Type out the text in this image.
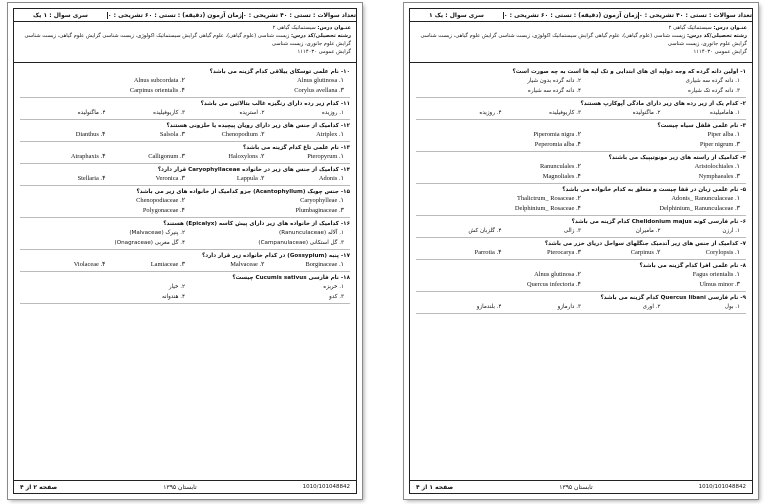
تعداد سوالات : تستی : ۴۰ تشریحی : ۰
زمان آزمون (دقیقه) : تستی : ۶۰ تشریحی : ۰
سری سوال : یک ۱
عنـوان درس: سیستماتیک گیاهی ۲
رشته تحصیلی/کد درس: زیست شناسی (علوم گیاهی)، علوم گیاهی گرایش سیستماتیک اکولوژی، زیست شناسی گرایش علوم گیاهی، زیست شناسی گرایش علوم جانوری، زیست شناسی
گرایش عمومی ۱۱۱۴۰۳۰
۱- اولین دانه گرده که وجه دولپه ای های ابتدایی و تک لپه ها است به چه صورت است؟
۱. دانه گرده سه شیاری
۲. دانه گرده بدون شیار
۳. دانه گرده تک شیاره
۴. دانه گرده سه شیاره
۲- کدام یک از زیر رده های زیر دارای مادگی آپوکارپ هستند؟
۱. هامامیلیده
۲. ماگنولیده
۳. کاریوفیلیده
۴. روزیده
۳- نام علمی فلفل سیاه چیست؟
Piper alba .۱
Piperomia nigra .۲
Piper nigrum .۳
Peperomia alba .۴
۴- کدامیک از راسته های زیر مونوتیپیک می باشند؟
Aristolochiales .۱
Ranunculales .۲
Nymphaeales .۳
Magnoliales .۴
۵- نام علمی زبان در قفا چیست و متعلق به کدام خانواده می باشد؟
Adonis_ Ranunculaceae .۱
Thalictrum_ Rosaceae .۲
Delphinium_ Ranunculaceae .۳
Delphinium_ Rosaceae .۴
۶- نام فارسی کونه Chelidonium majus کدام گزینه می باشد؟
۱. ارزن
۲. ماميران
۳. زالی
۴. گلزبان کش
۷- کدامیک از جنس های زیر آندمیک جنگلهای سواحل دریای خزر می باشد؟
Corylopsis .۱
Carpinus .۲
Pterocarya .۳
Parrotia .۴
۸- نام علمی افرا کدام گزینه می باشد؟
Fagus orientalis .۱
Alnus glutinosa .۲
Ulmus minor .۳
Quercus infectoria .۴
۹- نام فارسی Quercus libani کدام گزینه می باشد؟
۱. بول
۲. اوری
۳. دارمازو
۴. بلندمازو
1010/101048842
تابستان ۱۳۹۵
صفحه ۱ از ۴
تعداد سوالات : تستی : ۴۰ تشریحی : ۰
زمان آزمون (دقیقه) : تستی : ۶۰ تشریحی : ۰
سری سوال : ۱ یک
عنـوان درس: سیستماتیک گیاهی ۲
رشته تحصیلی/کد درس: زیست شناسی (علوم گیاهی)، علوم گیاهی گرایش سیستماتیک اکولوژی، زیست شناسی گرایش علوم گیاهی، زیست شناسی گرایش علوم جانوری، زیست شناسی
گرایش عمومی ۱۱۱۴۰۳۰
۱۰- نام علمی توسکای ییلاقی کدام گزینه می باشد؟
Alnus glutinosa .۱
Alnus subcordata .۲
Corylus avellana .۳
Carpinus orientalis .۴
۱۱- کدام زیر رده دارای رنگیزه غالب بتالائین می باشد؟
۱. روزیده
۲. استریده
۳. کاریوفیلیده
۴. ماگنولیده
۱۲- کدامیک از جنس های زیر دارای رویان پیچیده یا حلزونی هستند؟
Atriplex .۱
Chenopodium .۲
Salsola .۳
Dianthus .۴
۱۳- نام علمی تاغ کدام گزینه می باشد؟
Pteropyrum .۱
Haloxylons .۲
Calligonum .۳
Atraphaxis .۴
۱۴- کدامیک از جنس های زیر در خانواده Caryophyllaceae قرار دارد؟
Adonis .۱
Lappula .۲
Veronica .۳
Stellaria .۴
۱۵- جنس چوبک (Acantophyllum) جزو کدامیک از خانواده های زیر می باشد؟
Caryophylleae .۱
Chenopodiaceae .۲
Plumbaginaceae .۳
Polygonaceae .۴
۱۶- کدامیک از خانواده های زیر دارای پیش کاسه (Epicalyx) هستند؟
۱. آلاله (Ranunculaceae)
۲. پنیرک (Malvaceae)
۳. گل استکانی (Campanulaceae)
۴. گل مغربی (Onagraceae)
۱۷- پنبه (Gossypium) در کدام خانواده زیر قرار دارد؟
Borginaceae .۱
Malvaceae .۲
Lamiaceae .۳
Violaceae .۴
۱۸- نام فارسی Cucumis sativus چیست؟
۱. خربزه
۲. خیار
۳. کدو
۴. هندوانه
1010/101048842
تابستان ۱۳۹۵
صفحه ۲ از ۴
